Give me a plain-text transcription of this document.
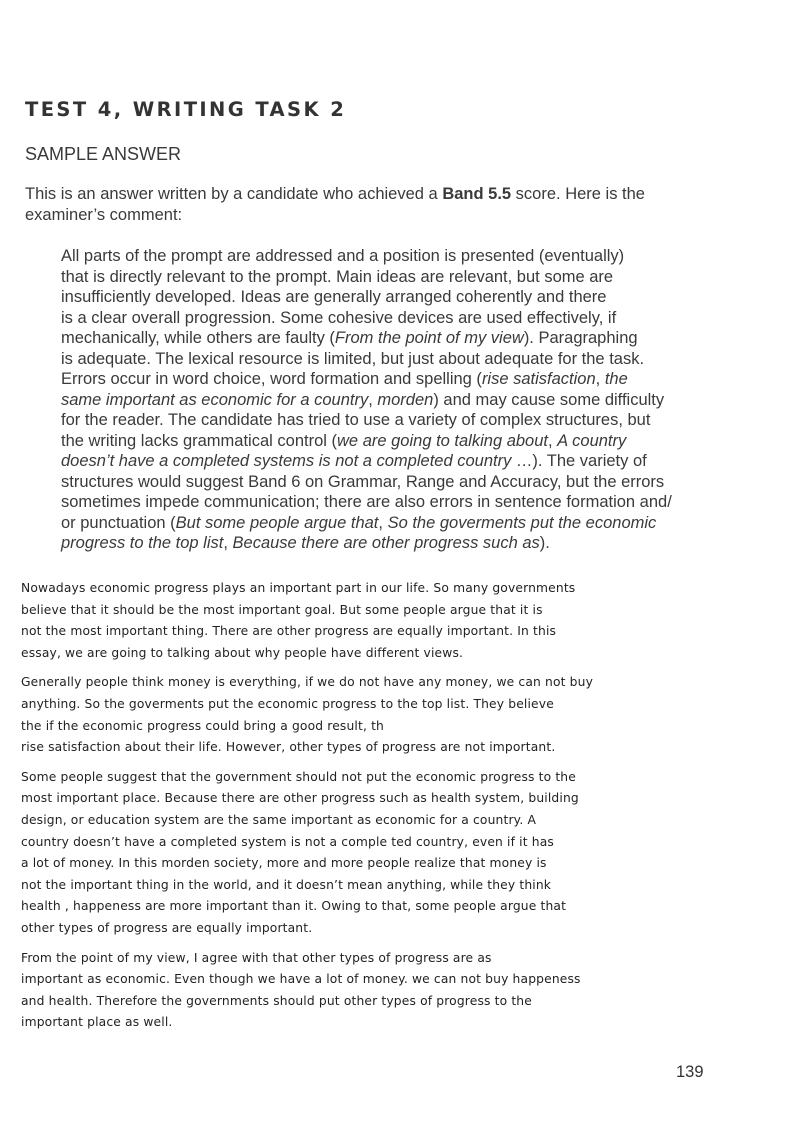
TEST 4, WRITING TASK 2

SAMPLE ANSWER

This is an answer written by a candidate who achieved a Band 5.5 score. Here is the examiner’s comment:

All parts of the prompt are addressed and a position is presented (eventually)
that is directly relevant to the prompt. Main ideas are relevant, but some are
insufficiently developed. Ideas are generally arranged coherently and there
is a clear overall progression. Some cohesive devices are used effectively, if
mechanically, while others are faulty (From the point of my view). Paragraphing
is adequate. The lexical resource is limited, but just about adequate for the task.
Errors occur in word choice, word formation and spelling (rise satisfaction, the
same important as economic for a country, morden) and may cause some difficulty
for the reader. The candidate has tried to use a variety of complex structures, but
the writing lacks grammatical control (we are going to talking about, A country
doesn’t have a completed systems is not a completed country …). The variety of
structures would suggest Band 6 on Grammar, Range and Accuracy, but the errors
sometimes impede communication; there are also errors in sentence formation and/
or punctuation (But some people argue that, So the goverments put the economic
progress to the top list, Because there are other progress such as).
Nowadays economic progress plays an important part in our life. So many governments
believe that it should be the most important goal. But some people argue that it is
not the most important thing. There are other progress are equally important. In this
essay, we are going to talking about why people have different views.
Generally people think money is everything, if we do not have any money, we can not buy
anything. So the goverments put the economic progress to the top list. They believe
the if the economic progress could bring a good result, th
rise satisfaction about their life. However, other types of progress are not important.
Some people suggest that the government should not put the economic progress to the
most important place. Because there are other progress such as health system, building
design, or education system are the same important as economic for a country. A
country doesn’t have a completed system is not a comple ted country, even if it has
a lot of money. In this morden society, more and more people realize that money is
not the important thing in the world, and it doesn’t mean anything, while they think
health , happeness are more important than it. Owing to that, some people argue that
other types of progress are equally important.
From the point of my view, I agree with that other types of progress are as
important as economic. Even though we have a lot of money. we can not buy happeness
and health. Therefore the governments should put other types of progress to the
important place as well.

139
